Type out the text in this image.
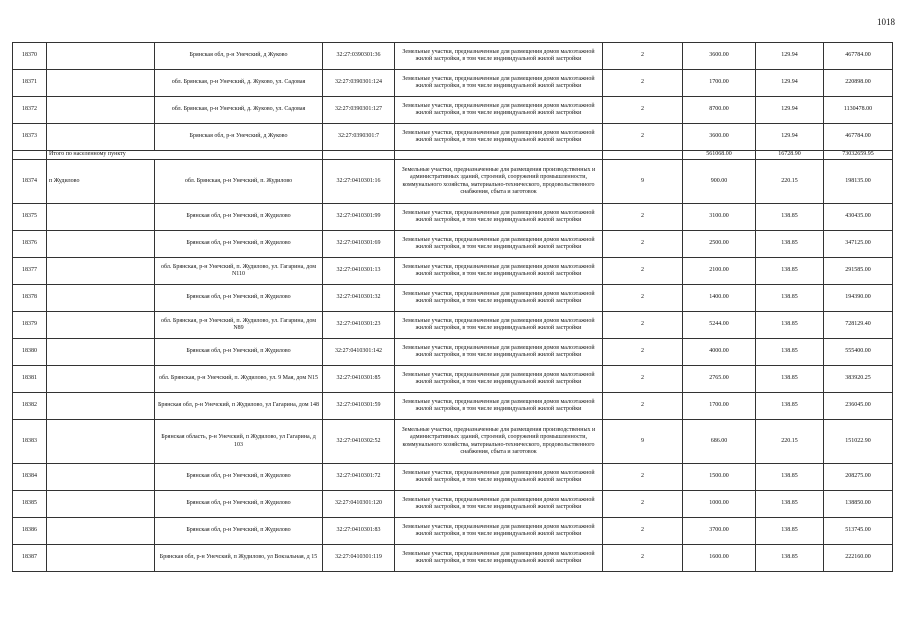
1018
18370		Брянская обл, р-н Унечский, д Жуково	32:27:0390301:36	Земельные участки, предназначенные для размещения домов малоэтажной жилой застройки, в том числе индивидуальной жилой застройки	2	3600.00	129.94	467784.00
18371		обл. Брянская, р-н Унечский, д. Жуково, ул. Садовая	32:27:0390301:124	Земельные участки, предназначенные для размещения домов малоэтажной жилой застройки, в том числе индивидуальной жилой застройки	2	1700.00	129.94	220898.00
18372		обл. Брянская, р-н Унечский, д. Жуково, ул. Садовая	32:27:0390301:127	Земельные участки, предназначенные для размещения домов малоэтажной жилой застройки, в том числе индивидуальной жилой застройки	2	8700.00	129.94	1130478.00
18373		Брянская обл, р-н Унечский, д Жуково	32:27:0390301:7	Земельные участки, предназначенные для размещения домов малоэтажной жилой застройки, в том числе индивидуальной жилой застройки	2	3600.00	129.94	467784.00
	Итого по населенному пункту					561068.00	16728.90	73032659.95
18374	п Жудилово	обл. Брянская, р-н Унечский, п. Жудилово	32:27:0410301:16	Земельные участки, предназначенные для размещения производственных и административных зданий, строений, сооружений промышленности, коммунального хозяйства, материально-технического, продовольственного снабжения, сбыта и заготовок	9	900.00	220.15	198135.00
18375		Брянская обл, р-н Унечский, п Жудилово	32:27:0410301:99	Земельные участки, предназначенные для размещения домов малоэтажной жилой застройки, в том числе индивидуальной жилой застройки	2	3100.00	138.85	430435.00
18376		Брянская обл, р-н Унечский, п Жудилово	32:27:0410301:69	Земельные участки, предназначенные для размещения домов малоэтажной жилой застройки, в том числе индивидуальной жилой застройки	2	2500.00	138.85	347125.00
18377		обл. Брянская, р-н Унечский, п. Жудилово, ул. Гагарина, дом N110	32:27:0410301:13	Земельные участки, предназначенные для размещения домов малоэтажной жилой застройки, в том числе индивидуальной жилой застройки	2	2100.00	138.85	291585.00
18378		Брянская обл, р-н Унечский, п Жудилово	32:27:0410301:32	Земельные участки, предназначенные для размещения домов малоэтажной жилой застройки, в том числе индивидуальной жилой застройки	2	1400.00	138.85	194390.00
18379		обл. Брянская, р-н Унечский, п. Жудилово, ул. Гагарина, дом N89	32:27:0410301:23	Земельные участки, предназначенные для размещения домов малоэтажной жилой застройки, в том числе индивидуальной жилой застройки	2	5244.00	138.85	728129.40
18380		Брянская обл, р-н Унечский, п Жудилово	32:27:0410301:142	Земельные участки, предназначенные для размещения домов малоэтажной жилой застройки, в том числе индивидуальной жилой застройки	2	4000.00	138.85	555400.00
18381		обл. Брянская, р-н Унечский, п. Жудилово, ул. 9 Мая, дом N15	32:27:0410301:85	Земельные участки, предназначенные для размещения домов малоэтажной жилой застройки, в том числе индивидуальной жилой застройки	2	2765.00	138.85	383920.25
18382		Брянская обл, р-н Унечский, п Жудилово, ул Гагарина, дом 148	32:27:0410301:59	Земельные участки, предназначенные для размещения домов малоэтажной жилой застройки, в том числе индивидуальной жилой застройки	2	1700.00	138.85	236045.00
18383		Брянская область, р-н Унечский, п Жудилово, ул Гагарина, д 103	32:27:0410302:52	Земельные участки, предназначенные для размещения производственных и административных зданий, строений, сооружений промышленности, коммунального хозяйства, материально-технического, продовольственного снабжения, сбыта и заготовок	9	686.00	220.15	151022.90
18384		Брянская обл, р-н Унечский, п Жудилово	32:27:0410301:72	Земельные участки, предназначенные для размещения домов малоэтажной жилой застройки, в том числе индивидуальной жилой застройки	2	1500.00	138.85	208275.00
18385		Брянская обл, р-н Унечский, п Жудилово	32:27:0410301:120	Земельные участки, предназначенные для размещения домов малоэтажной жилой застройки, в том числе индивидуальной жилой застройки	2	1000.00	138.85	138850.00
18386		Брянская обл, р-н Унечский, п Жудилово	32:27:0410301:83	Земельные участки, предназначенные для размещения домов малоэтажной жилой застройки, в том числе индивидуальной жилой застройки	2	3700.00	138.85	513745.00
18387		Брянская обл, р-н Унечский, п Жудилово, ул Вокзальная, д 15	32:27:0410301:119	Земельные участки, предназначенные для размещения домов малоэтажной жилой застройки, в том числе индивидуальной жилой застройки	2	1600.00	138.85	222160.00
